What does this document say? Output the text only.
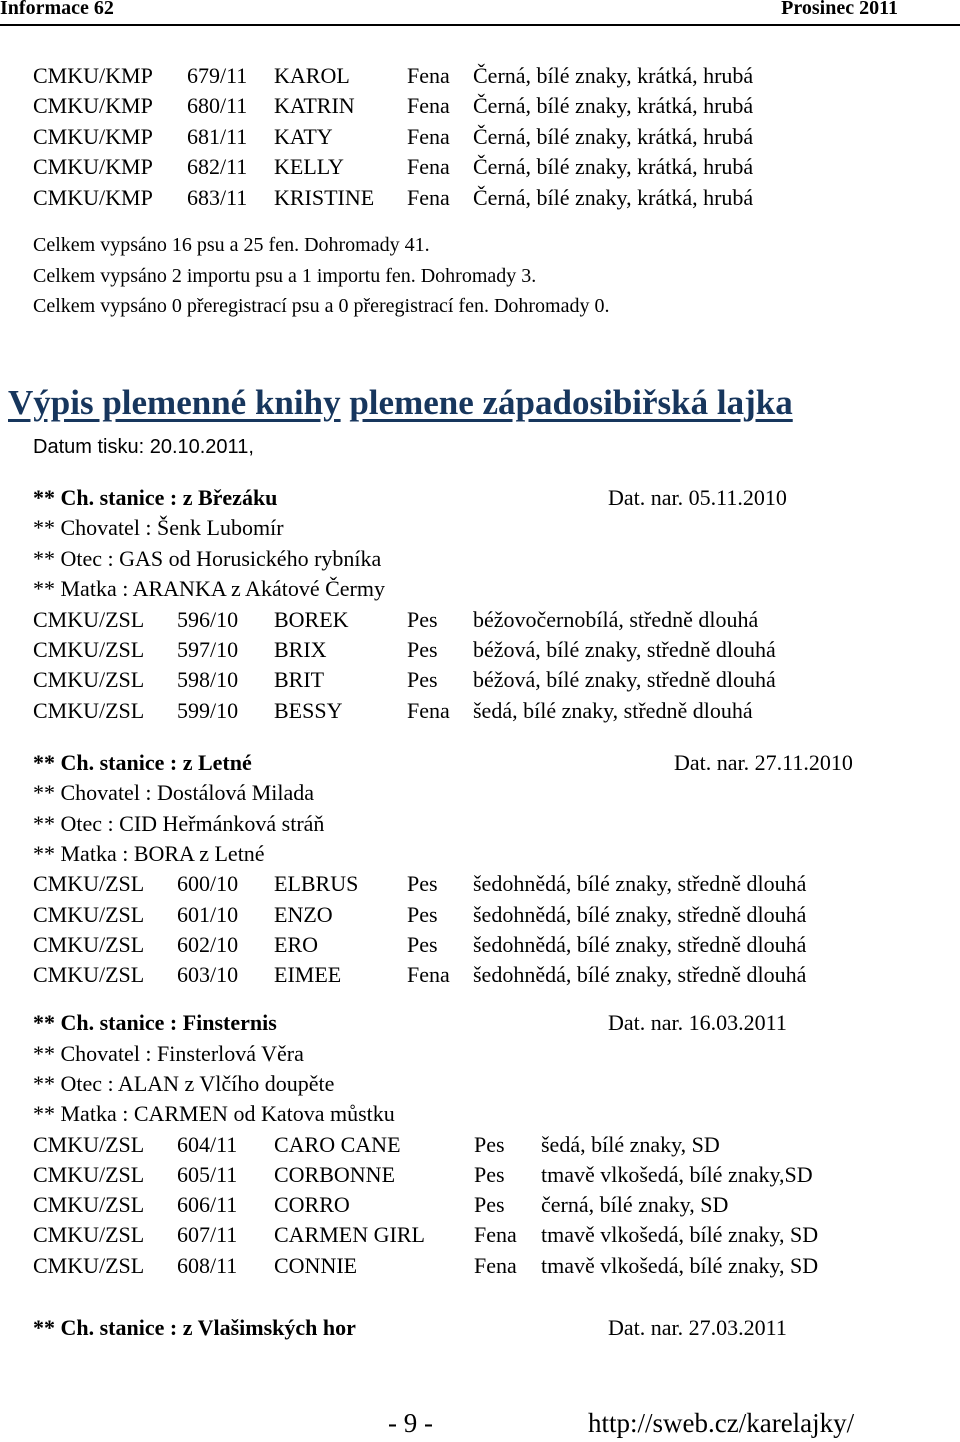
Informace 62	Prosinec 2011
CMKU/KMP 679/11 KAROL	Fena Černá, bílé znaky, krátká, hrubá
CMKU/KMP 680/11 KATRIN Fena Černá, bílé znaky, krátká, hrubá
CMKU/KMP 681/11 KATY	Fena Černá, bílé znaky, krátká, hrubá
CMKU/KMP 682/11 KELLY	Fena Černá, bílé znaky, krátká, hrubá
CMKU/KMP 683/11 KRISTINE Fena Černá, bílé znaky, krátká, hrubá
Celkem vypsáno 16 psu a 25 fen. Dohromady 41.
Celkem vypsáno 2 importu psu a 1 importu fen. Dohromady 3.
Celkem vypsáno 0 přeregistrací psu a 0 přeregistrací fen. Dohromady 0.
Výpis plemenné knihy plemene západosibiřská lajka
Datum tisku: 20.10.2011,
** Ch. stanice : z Březáku	Dat. nar. 05.11.2010
** Chovatel : Šenk Lubomír
** Otec : GAS od Horusického rybníka
** Matka : ARANKA z Akátové Čermy
CMKU/ZSL 596/10 BOREK	Pes béžovočernobílá, středně dlouhá
CMKU/ZSL 597/10 BRIX	Pes béžová, bílé znaky, středně dlouhá
CMKU/ZSL 598/10 BRIT	Pes béžová, bílé znaky, středně dlouhá
CMKU/ZSL 599/10 BESSY	Fena šedá, bílé znaky, středně dlouhá
** Ch. stanice : z Letné	Dat. nar. 27.11.2010
** Chovatel : Dostálová Milada
** Otec : CID Heřmánková stráň
** Matka : BORA z Letné
CMKU/ZSL 600/10 ELBRUS Pes šedohnědá, bílé znaky, středně dlouhá
CMKU/ZSL 601/10 ENZO	Pes šedohnědá, bílé znaky, středně dlouhá
CMKU/ZSL 602/10 ERO	Pes šedohnědá, bílé znaky, středně dlouhá
CMKU/ZSL 603/10 EIMEE	Fena šedohnědá, bílé znaky, středně dlouhá
** Ch. stanice : Finsternis	Dat. nar. 16.03.2011
** Chovatel : Finsterlová Věra
** Otec : ALAN z Vlčího doupěte
** Matka : CARMEN od Katova můstku
CMKU/ZSL 604/11 CARO CANE	Pes šedá, bílé znaky, SD
CMKU/ZSL 605/11 CORBONNE	Pes tmavě vlkošedá, bílé znaky,SD
CMKU/ZSL 606/11 CORRO	Pes černá, bílé znaky, SD
CMKU/ZSL 607/11 CARMEN GIRL Fena tmavě vlkošedá, bílé znaky, SD
CMKU/ZSL 608/11 CONNIE	Fena tmavě vlkošedá, bílé znaky, SD
** Ch. stanice : z Vlašimských hor	Dat. nar. 27.03.2011
- 9 -	http://sweb.cz/karelajky/
